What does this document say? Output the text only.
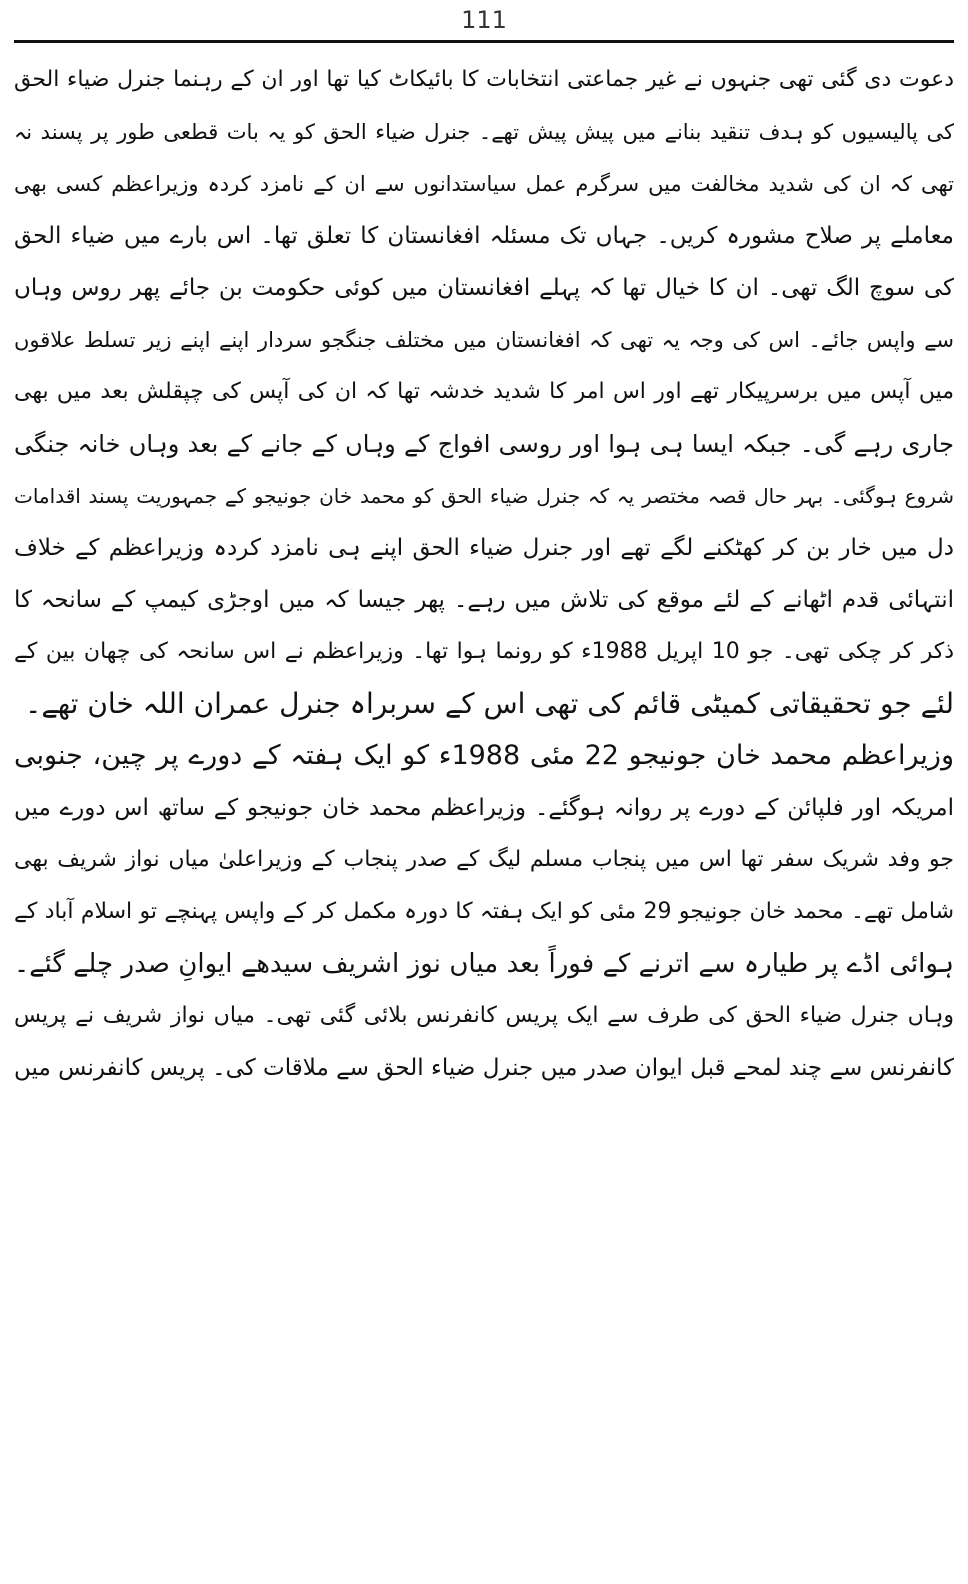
111
دعوت دی گئی تھی جنہوں نے غیر جماعتی انتخابات کا بائیکاٹ کیا تھا اور ان کے رہنما جنرل ضیاء الحق
کی پالیسیوں کو ہدف تنقید بنانے میں پیش پیش تھے۔ جنرل ضیاء الحق کو یہ بات قطعی طور پر پسند نہ
تھی کہ ان کی شدید مخالفت میں سرگرم عمل سیاستدانوں سے ان کے نامزد کردہ وزیراعظم کسی بھی
معاملے پر صلاح مشورہ کریں۔ جہاں تک مسئلہ افغانستان کا تعلق تھا۔ اس بارے میں ضیاء الحق
کی سوچ الگ تھی۔ ان کا خیال تھا کہ پہلے افغانستان میں کوئی حکومت بن جائے پھر روس وہاں
سے واپس جائے۔ اس کی وجہ یہ تھی کہ افغانستان میں مختلف جنگجو سردار اپنے اپنے زیر تسلط علاقوں
میں آپس میں برسرپیکار تھے اور اس امر کا شدید خدشہ تھا کہ ان کی آپس کی چپقلش بعد میں بھی
جاری رہے گی۔ جبکہ ایسا ہی ہوا اور روسی افواج کے وہاں کے جانے کے بعد وہاں خانہ جنگی
شروع ہوگئی۔ بہر حال قصہ مختصر یہ کہ جنرل ضیاء الحق کو محمد خان جونیجو کے جمہوریت پسند اقدامات
دل میں خار بن کر کھٹکنے لگے تھے اور جنرل ضیاء الحق اپنے ہی نامزد کردہ وزیراعظم کے خلاف
انتہائی قدم اٹھانے کے لئے موقع کی تلاش میں رہے۔ پھر جیسا کہ میں اوجڑی کیمپ کے سانحہ کا
ذکر کر چکی تھی۔ جو 10 اپریل 1988ء کو رونما ہوا تھا۔ وزیراعظم نے اس سانحہ کی چھان بین کے
لئے جو تحقیقاتی کمیٹی قائم کی تھی اس کے سربراہ جنرل عمران اللہ خان تھے۔
وزیراعظم محمد خان جونیجو 22 مئی 1988ء کو ایک ہفتہ کے دورے پر چین، جنوبی
امریکہ اور فلپائن کے دورے پر روانہ ہوگئے۔ وزیراعظم محمد خان جونیجو کے ساتھ اس دورے میں
جو وفد شریک سفر تھا اس میں پنجاب مسلم لیگ کے صدر پنجاب کے وزیراعلیٰ میاں نواز شریف بھی
شامل تھے۔ محمد خان جونیجو 29 مئی کو ایک ہفتہ کا دورہ مکمل کر کے واپس پہنچے تو اسلام آباد کے
ہوائی اڈے پر طیارہ سے اترنے کے فوراً بعد میاں نوز اشریف سیدھے ایوانِ صدر چلے گئے۔
وہاں جنرل ضیاء الحق کی طرف سے ایک پریس کانفرنس بلائی گئی تھی۔ میاں نواز شریف نے پریس
کانفرنس سے چند لمحے قبل ایوان صدر میں جنرل ضیاء الحق سے ملاقات کی۔ پریس کانفرنس میں
